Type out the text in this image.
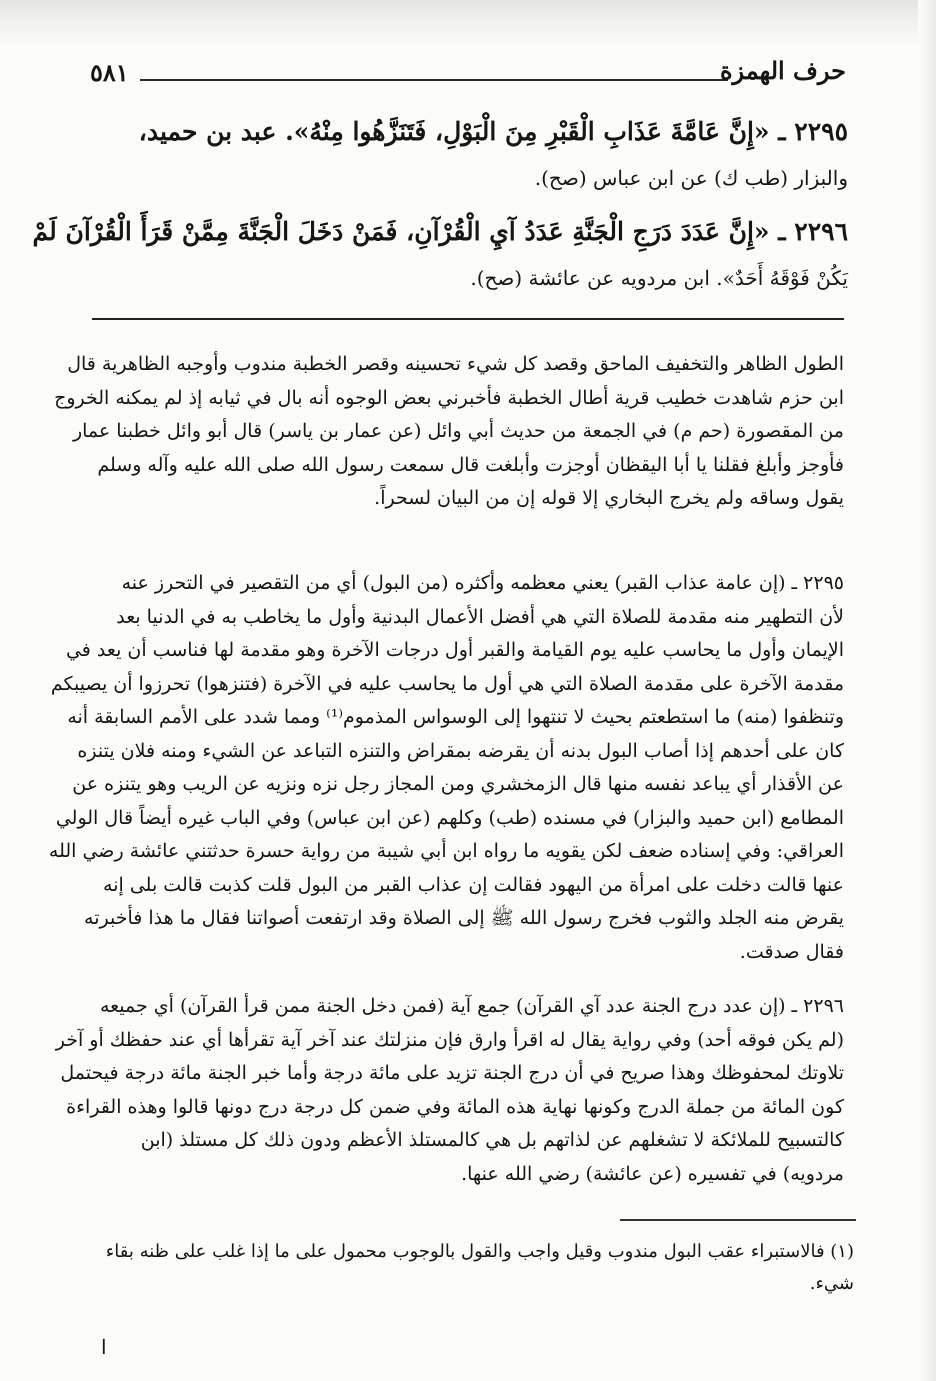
٥٨١	حرف الهمزة
٢٢٩٥ ـ «إِنَّ عَامَّةَ عَذَابِ الْقَبْرِ مِنَ الْبَوْلِ، فَتَنَزَّهُوا مِنْهُ». عبد بن حميد،
والبزار (طب ك) عن ابن عباس (صح).
٢٢٩٦ ـ «إِنَّ عَدَدَ دَرَجِ الْجَنَّةِ عَدَدُ آيِ الْقُرْآنِ، فَمَنْ دَخَلَ الْجَنَّةَ مِمَّنْ قَرَأَ الْقُرْآنَ لَمْ
يَكُنْ فَوْقَهُ أَحَدٌ». ابن مردويه عن عائشة (صح).

الطول الظاهر والتخفيف الماحق وقصد كل شيء تحسينه وقصر الخطبة مندوب وأوجبه الظاهرية قال
ابن حزم شاهدت خطيب قرية أطال الخطبة فأخبرني بعض الوجوه أنه بال في ثيابه إذ لم يمكنه الخروج
من المقصورة (حم م) في الجمعة من حديث أبي وائل (عن عمار بن ياسر) قال أبو وائل خطبنا عمار
فأوجز وأبلغ فقلنا يا أبا اليقظان أوجزت وأبلغت قال سمعت رسول الله صلى الله عليه وآله وسلم
يقول وساقه ولم يخرج البخاري إلا قوله إن من البيان لسحراً.

٢٢٩٥ ـ (إن عامة عذاب القبر) يعني معظمه وأكثره (من البول) أي من التقصير في التحرز عنه
لأن التطهير منه مقدمة للصلاة التي هي أفضل الأعمال البدنية وأول ما يخاطب به في الدنيا بعد
الإيمان وأول ما يحاسب عليه يوم القيامة والقبر أول درجات الآخرة وهو مقدمة لها فناسب أن يعد في
مقدمة الآخرة على مقدمة الصلاة التي هي أول ما يحاسب عليه في الآخرة (فتنزهوا) تحرزوا أن يصيبكم
وتنظفوا (منه) ما استطعتم بحيث لا تنتهوا إلى الوسواس المذموم⁽¹⁾ ومما شدد على الأمم السابقة أنه
كان على أحدهم إذا أصاب البول بدنه أن يقرضه بمقراض والتنزه التباعد عن الشيء ومنه فلان يتنزه
عن الأقذار أي يباعد نفسه منها قال الزمخشري ومن المجاز رجل نزه ونزيه عن الريب وهو يتنزه عن
المطامع (ابن حميد والبزار) في مسنده (طب) وكلهم (عن ابن عباس) وفي الباب غيره أيضاً قال الولي
العراقي: وفي إسناده ضعف لكن يقويه ما رواه ابن أبي شيبة من رواية حسرة حدثتني عائشة رضي الله
عنها قالت دخلت على امرأة من اليهود فقالت إن عذاب القبر من البول قلت كذبت قالت بلى إنه
يقرض منه الجلد والثوب فخرج رسول الله ﷺ إلى الصلاة وقد ارتفعت أصواتنا فقال ما هذا فأخبرته
فقال صدقت.

٢٢٩٦ ـ (إن عدد درج الجنة عدد آي القرآن) جمع آية (فمن دخل الجنة ممن قرأ القرآن) أي جميعه
(لم يكن فوقه أحد) وفي رواية يقال له اقرأ وارق فإن منزلتك عند آخر آية تقرأها أي عند حفظك أو آخر
تلاوتك لمحفوظك وهذا صريح في أن درج الجنة تزيد على مائة درجة وأما خبر الجنة مائة درجة فيحتمل
كون المائة من جملة الدرج وكونها نهاية هذه المائة وفي ضمن كل درجة درج دونها قالوا وهذه القراءة
كالتسبيح للملائكة لا تشغلهم عن لذاتهم بل هي كالمستلذ الأعظم ودون ذلك كل مستلذ (ابن
مردويه) في تفسيره (عن عائشة) رضي الله عنها.

(١) فالاستبراء عقب البول مندوب وقيل واجب والقول بالوجوب محمول على ما إذا غلب على ظنه بقاء
شيء.
ا
